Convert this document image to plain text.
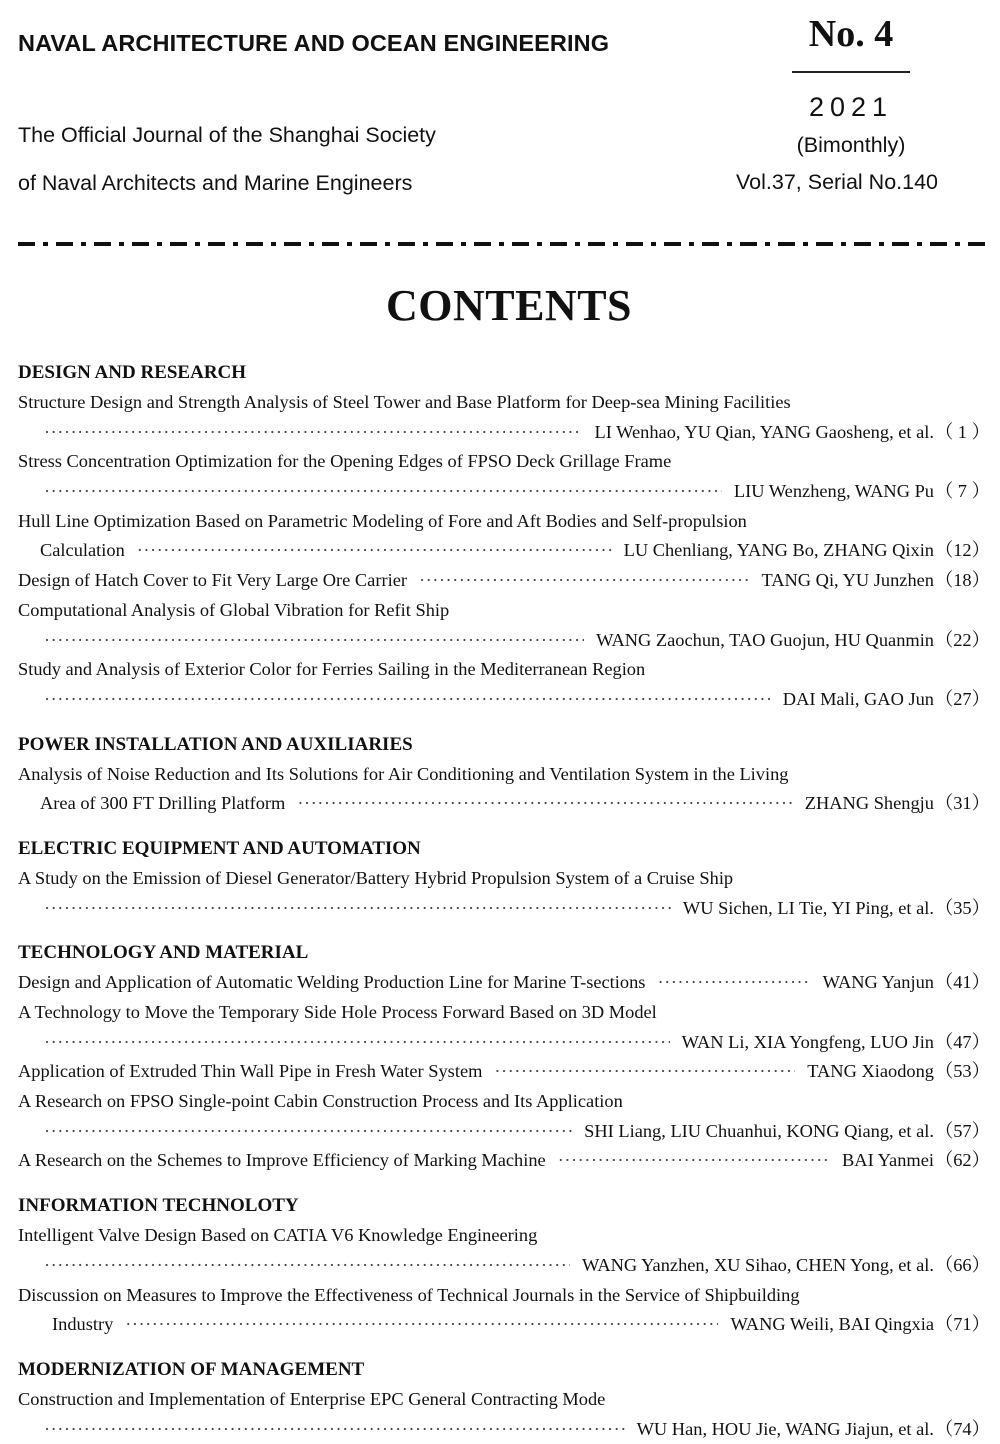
NAVAL ARCHITECTURE AND OCEAN ENGINEERING
The Official Journal of the Shanghai Society
of Naval Architects and Marine Engineers
No. 4
2021
(Bimonthly)
Vol.37, Serial No.140
CONTENTS
DESIGN AND RESEARCH
Structure Design and Strength Analysis of Steel Tower and Base Platform for Deep-sea Mining Facilities
·····
LI Wenhao, YU Qian, YANG Gaosheng, et al. （ 1 ）
Stress Concentration Optimization for the Opening Edges of FPSO Deck Grillage Frame
·····
LIU Wenzheng, WANG Pu （ 7 ）
Hull Line Optimization Based on Parametric Modeling of Fore and Aft Bodies and Self-propulsion
Calculation ·····	LU Chenliang, YANG Bo, ZHANG Qixin （12）
Design of Hatch Cover to Fit Very Large Ore Carrier ·····	TANG Qi, YU Junzhen （18）
Computational Analysis of Global Vibration for Refit Ship
·····
WANG Zaochun, TAO Guojun, HU Quanmin （22）
Study and Analysis of Exterior Color for Ferries Sailing in the Mediterranean Region
·····
DAI Mali, GAO Jun （27）
POWER INSTALLATION AND AUXILIARIES
Analysis of Noise Reduction and Its Solutions for Air Conditioning and Ventilation System in the Living
Area of 300 FT Drilling Platform ·····	ZHANG Shengju （31）
ELECTRIC EQUIPMENT AND AUTOMATION
A Study on the Emission of Diesel Generator/Battery Hybrid Propulsion System of a Cruise Ship
·····
WU Sichen, LI Tie, YI Ping, et al. （35）
TECHNOLOGY AND MATERIAL
Design and Application of Automatic Welding Production Line for Marine T-sections ·····	WANG Yanjun （41）
A Technology to Move the Temporary Side Hole Process Forward Based on 3D Model
·····
WAN Li, XIA Yongfeng, LUO Jin （47）
Application of Extruded Thin Wall Pipe in Fresh Water System ·····	TANG Xiaodong （53）
A Research on FPSO Single-point Cabin Construction Process and Its Application
·····
SHI Liang, LIU Chuanhui, KONG Qiang, et al. （57）
A Research on the Schemes to Improve Efficiency of Marking Machine ·····	BAI Yanmei （62）
INFORMATION TECHNOLOTY
Intelligent Valve Design Based on CATIA V6 Knowledge Engineering
·····
WANG Yanzhen, XU Sihao, CHEN Yong, et al. （66）
Discussion on Measures to Improve the Effectiveness of Technical Journals in the Service of Shipbuilding
Industry ·····	WANG Weili, BAI Qingxia （71）
MODERNIZATION OF MANAGEMENT
Construction and Implementation of Enterprise EPC General Contracting Mode
·····
WU Han, HOU Jie, WANG Jiajun, et al. （74）
